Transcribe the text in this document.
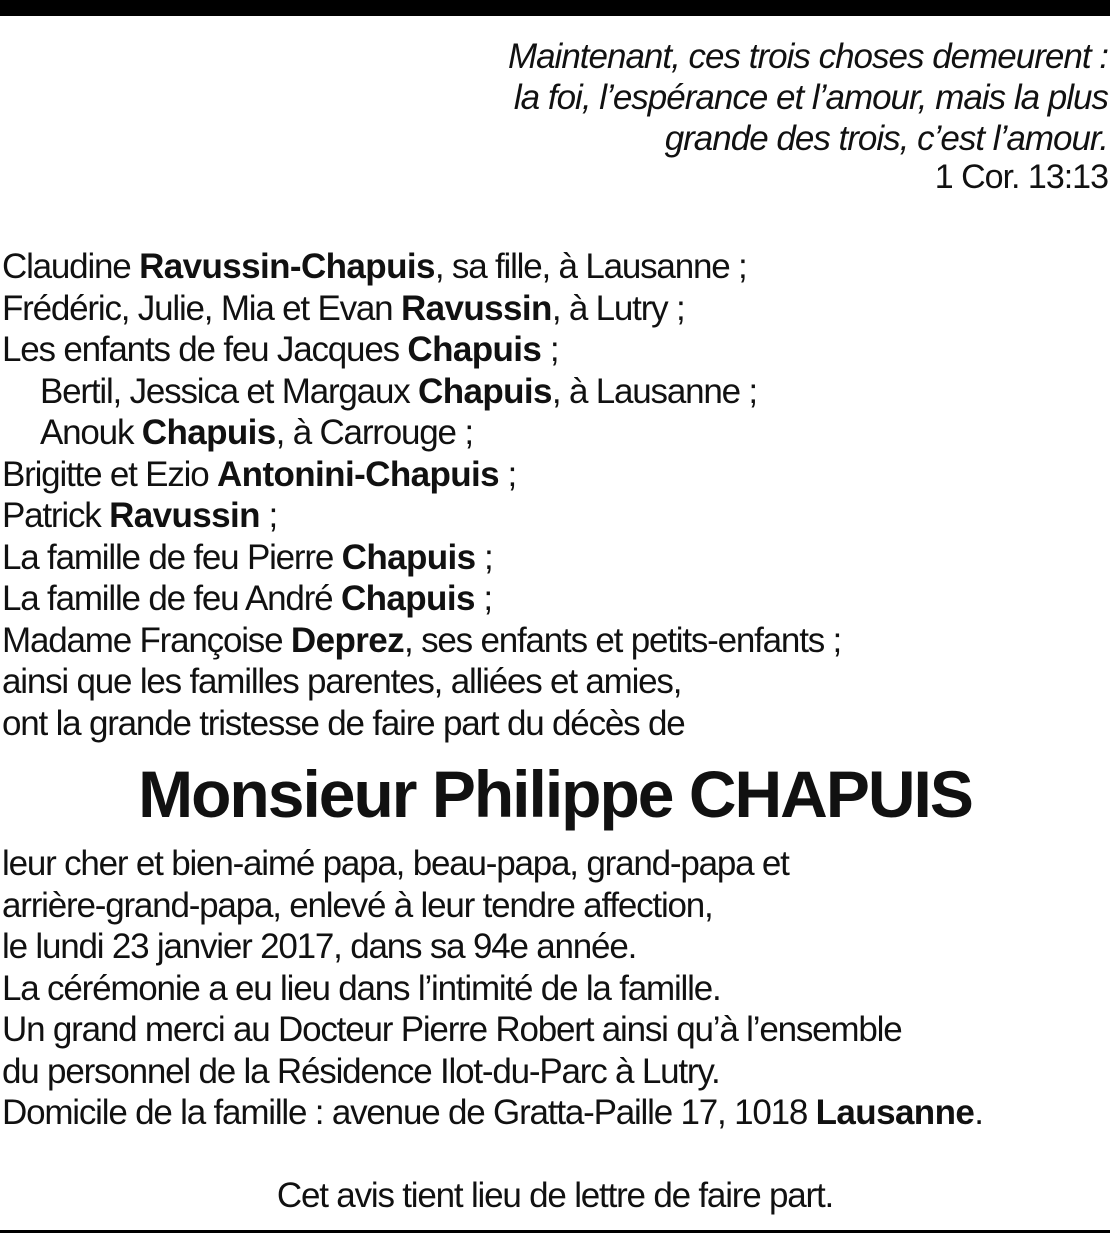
Maintenant, ces trois choses demeurent :
la foi, l’espérance et l’amour, mais la plus
grande des trois, c’est l’amour.
1 Cor. 13:13
Claudine Ravussin-Chapuis, sa fille, à Lausanne ;
Frédéric, Julie, Mia et Evan Ravussin, à Lutry ;
Les enfants de feu Jacques Chapuis ;
Bertil, Jessica et Margaux Chapuis, à Lausanne ;
Anouk Chapuis, à Carrouge ;
Brigitte et Ezio Antonini-Chapuis ;
Patrick Ravussin ;
La famille de feu Pierre Chapuis ;
La famille de feu André Chapuis ;
Madame Françoise Deprez, ses enfants et petits-enfants ;
ainsi que les familles parentes, alliées et amies,
ont la grande tristesse de faire part du décès de
Monsieur Philippe CHAPUIS
leur cher et bien-aimé papa, beau-papa, grand-papa et
arrière-grand-papa, enlevé à leur tendre affection,
le lundi 23 janvier 2017, dans sa 94e année.
La cérémonie a eu lieu dans l’intimité de la famille.
Un grand merci au Docteur Pierre Robert ainsi qu’à l’ensemble
du personnel de la Résidence Ilot-du-Parc à Lutry.
Domicile de la famille : avenue de Gratta-Paille 17, 1018 Lausanne.
Cet avis tient lieu de lettre de faire part.
